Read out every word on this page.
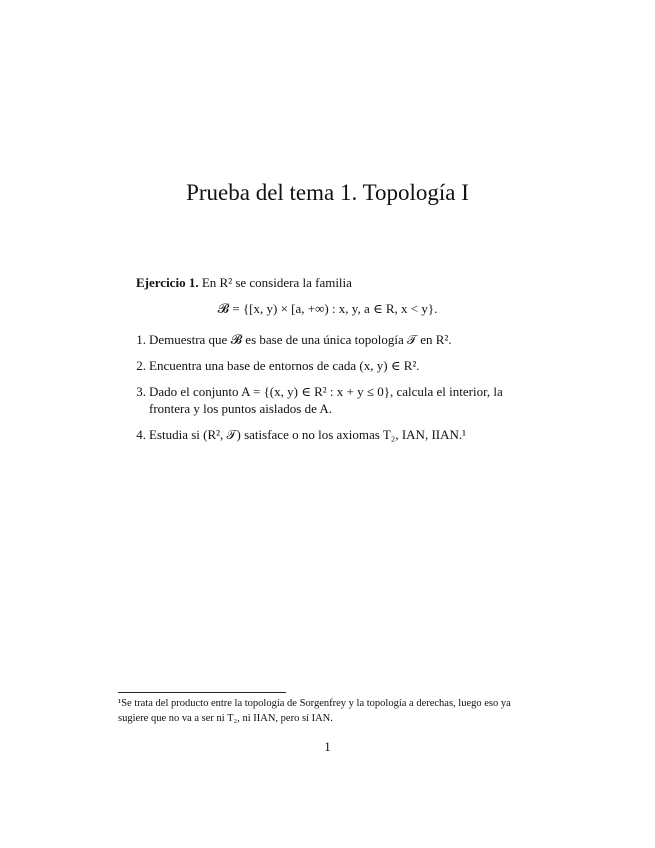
Prueba del tema 1. Topología I
Ejercicio 1. En R² se considera la familia
𝓑 = {[x, y) × [a, +∞) : x, y, a ∈ R, x < y}.
1. Demuestra que 𝓑 es base de una única topología 𝒯 en R².
2. Encuentra una base de entornos de cada (x, y) ∈ R².
3. Dado el conjunto A = {(x, y) ∈ R² : x + y ≤ 0}, calcula el interior, la frontera y los puntos aislados de A.
4. Estudia si (R², 𝒯) satisface o no los axiomas T₂, IAN, IIAN.¹
¹Se trata del producto entre la topología de Sorgenfrey y la topología a derechas, luego eso ya sugiere que no va a ser ni T₂, ni IIAN, pero sí IAN.
1
